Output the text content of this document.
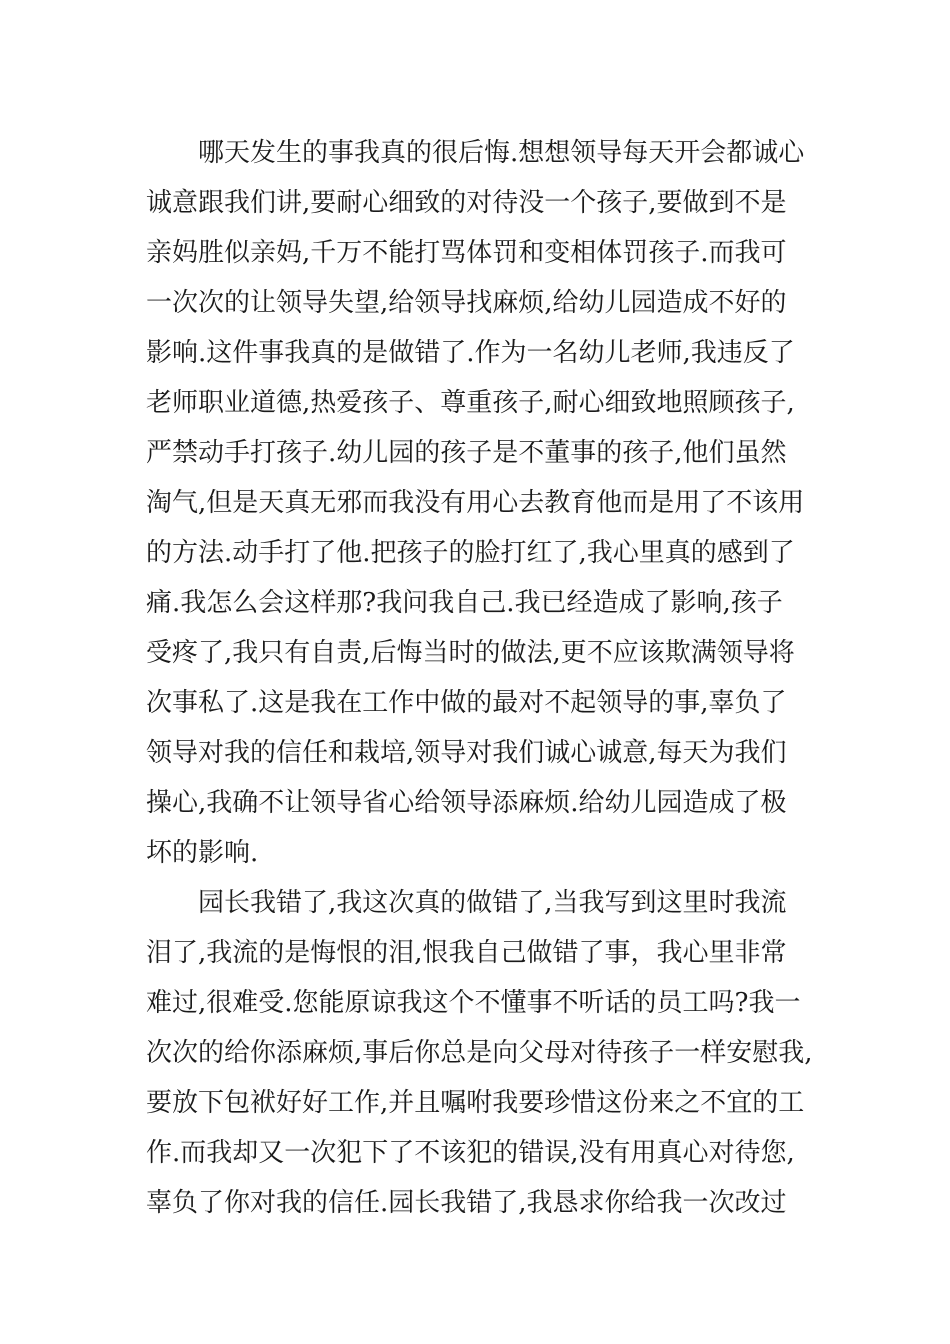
哪天发生的事我真的很后悔.想想领导每天开会都诚心
诚意跟我们讲,要耐心细致的对待没一个孩子,要做到不是
亲妈胜似亲妈,千万不能打骂体罚和变相体罚孩子.而我可
一次次的让领导失望,给领导找麻烦,给幼儿园造成不好的
影响.这件事我真的是做错了.作为一名幼儿老师,我违反了
老师职业道德,热爱孩子、尊重孩子,耐心细致地照顾孩子,
严禁动手打孩子.幼儿园的孩子是不董事的孩子,他们虽然
淘气,但是天真无邪而我没有用心去教育他而是用了不该用
的方法.动手打了他.把孩子的脸打红了,我心里真的感到了
痛.我怎么会这样那?我问我自己.我已经造成了影响,孩子
受疼了,我只有自责,后悔当时的做法,更不应该欺满领导将
次事私了.这是我在工作中做的最对不起领导的事,辜负了
领导对我的信任和栽培,领导对我们诚心诚意,每天为我们
操心,我确不让领导省心给领导添麻烦.给幼儿园造成了极
坏的影响.
园长我错了,我这次真的做错了,当我写到这里时我流
泪了,我流的是悔恨的泪,恨我自己做错了事，我心里非常
难过,很难受.您能原谅我这个不懂事不听话的员工吗?我一
次次的给你添麻烦,事后你总是向父母对待孩子一样安慰我,
要放下包袱好好工作,并且嘱咐我要珍惜这份来之不宜的工
作.而我却又一次犯下了不该犯的错误,没有用真心对待您,
辜负了你对我的信任.园长我错了,我恳求你给我一次改过
